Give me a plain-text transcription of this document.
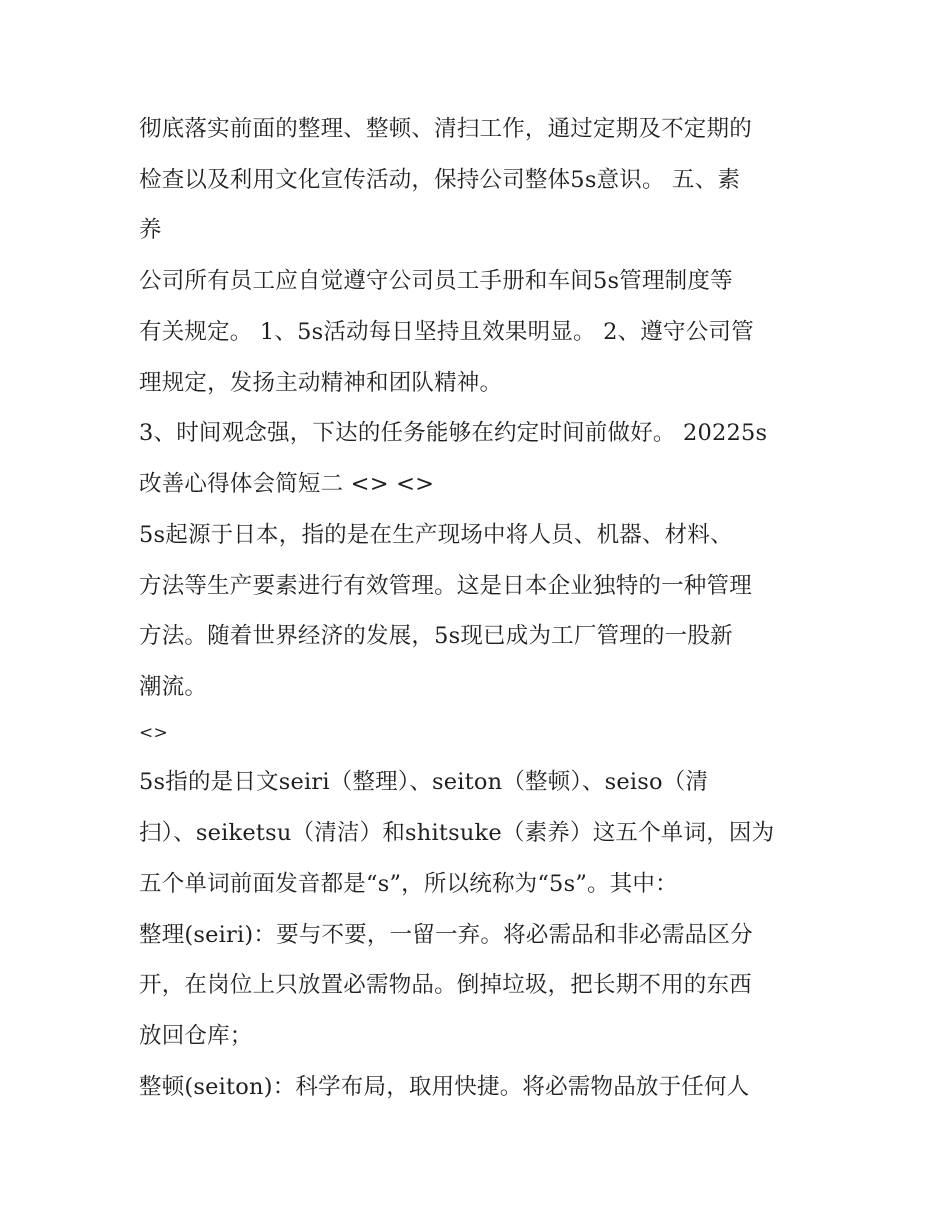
彻底落实前面的整理、整顿、清扫工作，通过定期及不定期的
检查以及利用文化宣传活动，保持公司整体5s意识。 五、素
养
公司所有员工应自觉遵守公司员工手册和车间5s管理制度等
有关规定。 1、5s活动每日坚持且效果明显。 2、遵守公司管
理规定，发扬主动精神和团队精神。
3、时间观念强，下达的任务能够在约定时间前做好。 20225s
改善心得体会简短二 <> <>
5s起源于日本，指的是在生产现场中将人员、机器、材料、
方法等生产要素进行有效管理。这是日本企业独特的一种管理
方法。随着世界经济的发展，5s现已成为工厂管理的一股新
潮流。
<>
5s指的是日文seiri（整理）、seiton（整顿）、seiso（清
扫）、seiketsu（清洁）和shitsuke（素养）这五个单词，因为
五个单词前面发音都是“s”，所以统称为“5s”。其中：
整理(seiri)：要与不要，一留一弃。将必需品和非必需品区分
开，在岗位上只放置必需物品。倒掉垃圾，把长期不用的东西
放回仓库；
整顿(seiton)：科学布局，取用快捷。将必需物品放于任何人
